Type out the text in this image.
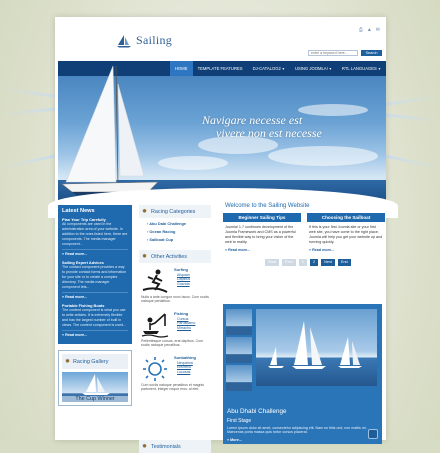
Sailing
⎙ ▲ ✉
enter a keyword here...
Search
HOME	TEMPLATE FEATURES	DJ-CATALOG2▼	USING JOOMLA!▼	RTL LANGUAGES▼
Navigare necesse est
vivere non est necesse
Latest News
Plan Your Trip Carefully
All components are used in the administration area of your website. In addition to the ones listed here, there are components. The media manager component...
» Read more...
Sailing Expert Advices
The contact component provides a way to provide contact forms and information for your site or to create a complex directory. The media manager component lets...
» Read more...
Portable Fishing Boats
The content component is what you use to write articles. It is extremely flexible and has the largest number of built in views. The content component is used...
» Read more...
✹ Racing Gallery
The Cup Winner
✹ Racing Categories
› Abu Dabi Challenge
› Ocean Racing
› Sailboat Cup
✹ Other Activities
Surfing
Aliquam
Dapibus
Gravida
Nulla a ante congue nunc lacus. Cum sociis natoque penatibus.
Fishing
Cursus
Parusdamo
Mirracho
Pellentesque cursus, erat dapibus. Cum sociis natoque penatibus.
Sunbathing
Nequebra
Elecrevo
Lucosas
Cum sociis natoque penatibus et magnis parturient, integer neque eros, al elet.
✹ Testimonials
Welcome to the Sailing Website
Beginner Sailing Tips
Joomla! 1.7 continues development of the Joomla Framework and CMS as a powerful and flexible way to bring your vision of the web to reality.
» Read more...
Choosing the Sailboat
If this is your first Joomla site or your first web site, you have come to the right place. Joomla will help you get your website up and running quickly.
» Read more...
Start	Prev	1	2	Next	End
Abu Dhabi Challenge
First Stage
Lorem ipsum dolor sit amet, consectetur adipiscing elit. Nam eu felis orci, non mattis mi. Maecenas porta massa quis tortor cursus placerat.
» More...
